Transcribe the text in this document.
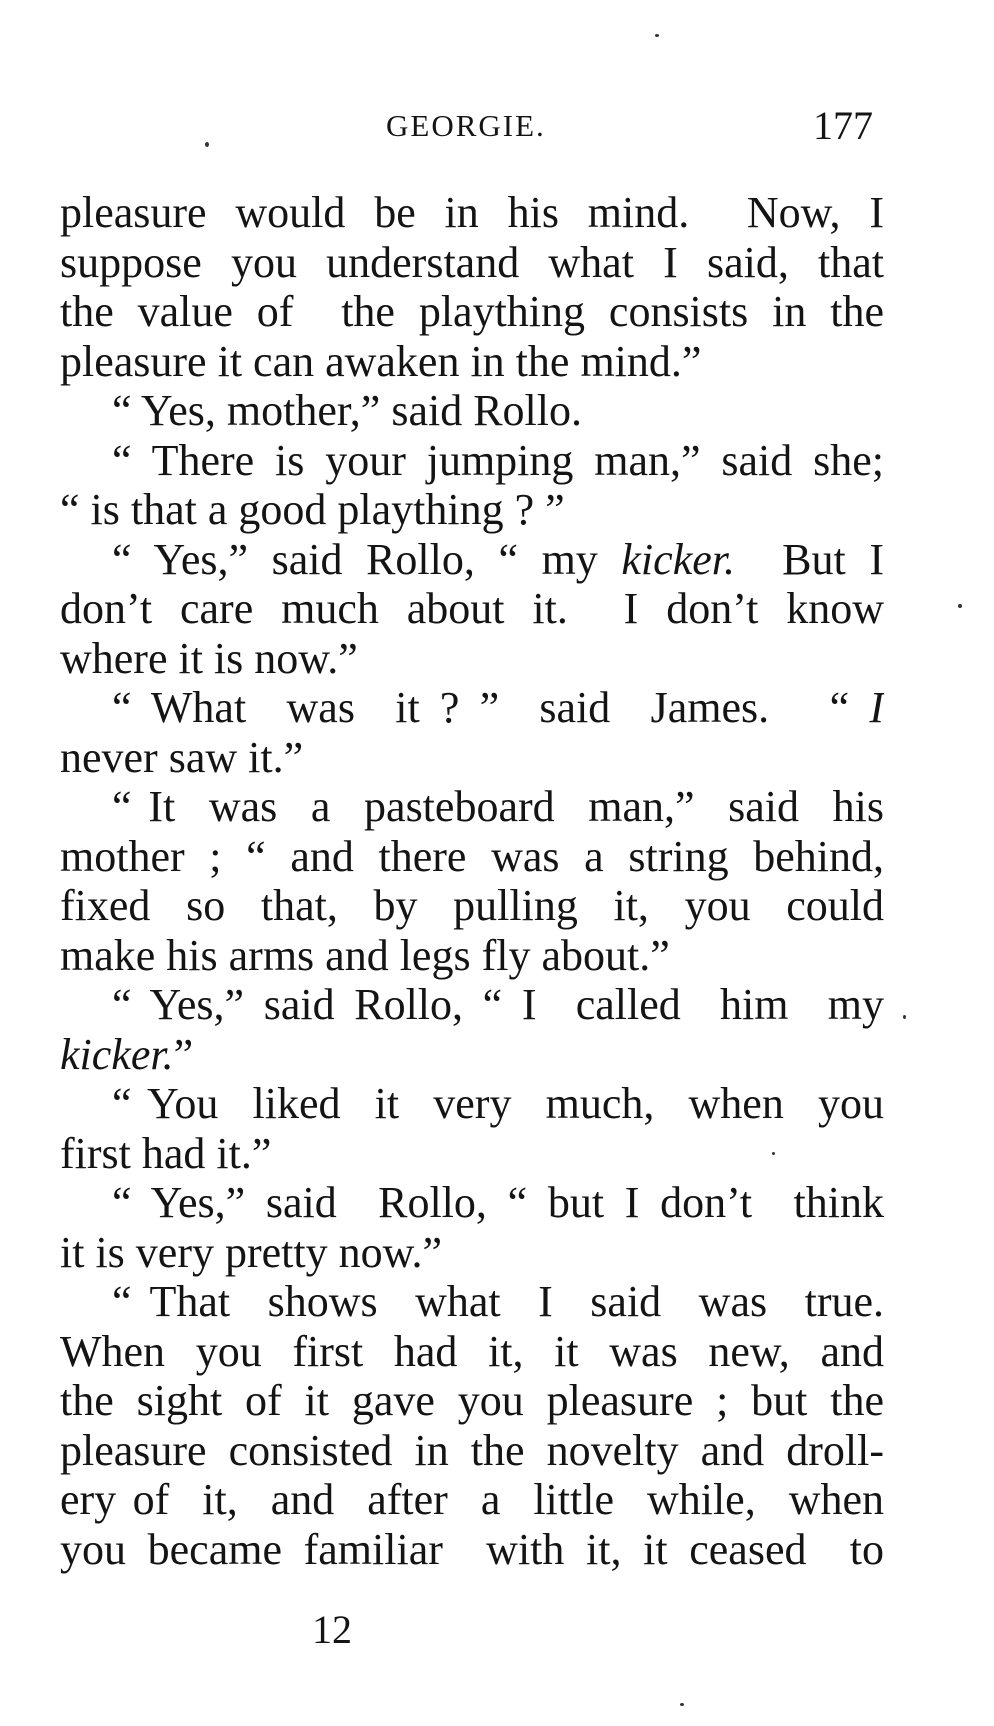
GEORGIE.	177
pleasure would be in his mind.  Now, I
suppose you understand what I said, that
the value of  the plaything consists in the
pleasure it can awaken in the mind.”
“ Yes, mother,” said Rollo.
“ There is your jumping man,” said she;
“ is that a good plaything ? ”
“ Yes,” said Rollo, “ my kicker.  But I
don’t care much about it.  I don’t know
where it is now.”
“ What  was  it ? ”  said  James.   “ I
never saw it.”
“ It  was  a  pasteboard  man,”  said  his
mother ; “ and there was a string behind,
fixed  so  that,  by  pulling  it,  you  could
make his arms and legs fly about.”
“ Yes,” said Rollo, “ I  called  him  my
kicker.”
“ You  liked  it  very  much,  when  you
first had it.”
“ Yes,” said  Rollo, “ but I don’t  think
it is very pretty now.”
“ That  shows  what  I  said  was  true.
When  you  first  had  it,  it  was  new,  and
the sight of it gave you pleasure ; but the
pleasure consisted in the novelty and droll-
ery of  it,  and  after  a  little  while,  when
you became familiar  with it, it ceased  to
12
